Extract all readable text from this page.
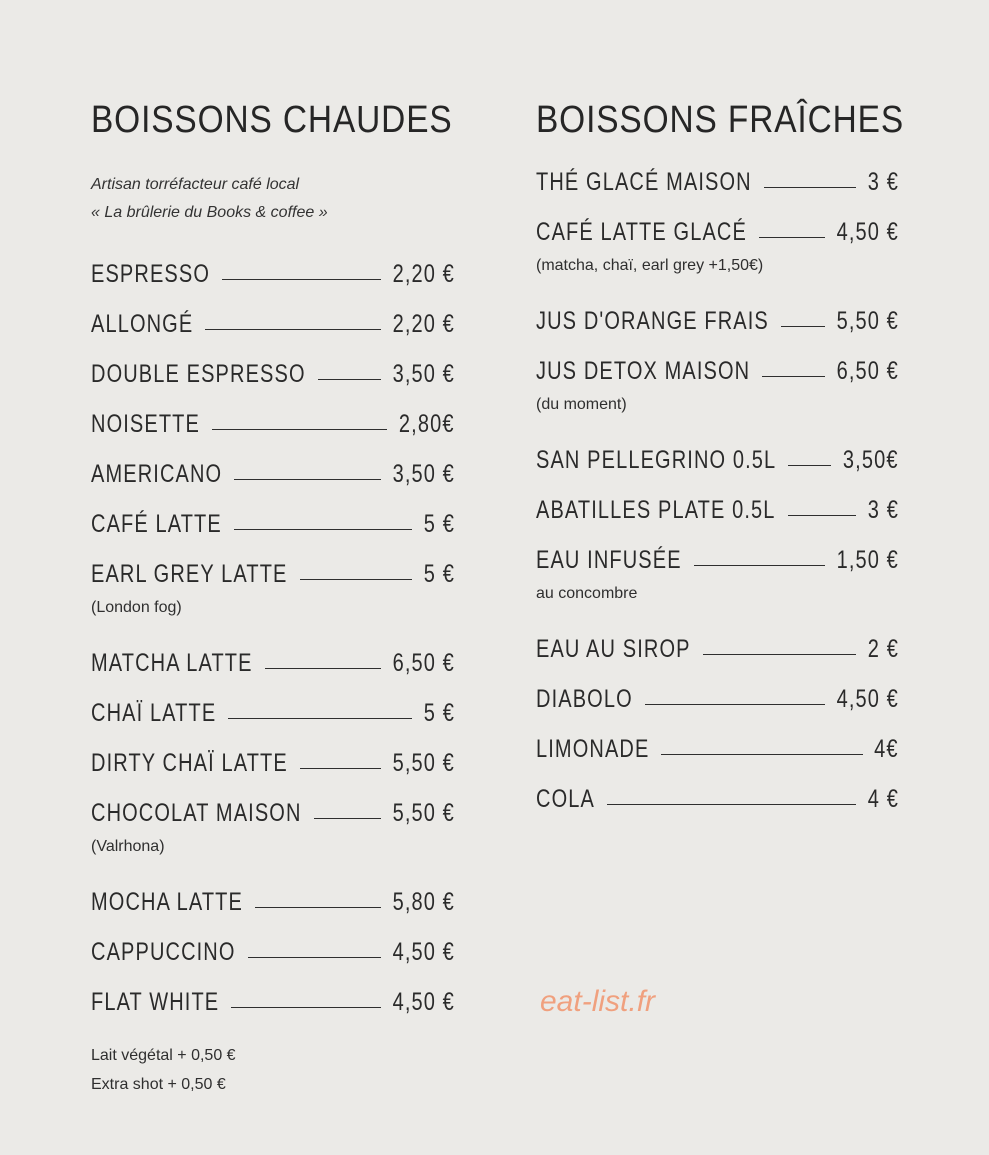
BOISSONS CHAUDES
Artisan torréfacteur café local
« La brûlerie du Books & coffee »
ESPRESSO	2,20 €
ALLONGÉ	2,20 €
DOUBLE ESPRESSO	3,50 €
NOISETTE	2,80€
AMERICANO	3,50 €
CAFÉ LATTE	5 €
EARL GREY LATTE	5 €
(London fog)
MATCHA LATTE	6,50 €
CHAÏ LATTE	5 €
DIRTY CHAÏ LATTE	5,50 €
CHOCOLAT MAISON	5,50 €
(Valrhona)
MOCHA LATTE	5,80 €
CAPPUCCINO	4,50 €
FLAT WHITE	4,50 €
Lait végétal + 0,50 €
Extra shot + 0,50 €
BOISSONS FRAÎCHES
THÉ GLACÉ MAISON	3 €
CAFÉ LATTE GLACÉ	4,50 €
(matcha, chaï, earl grey +1,50€)
JUS D'ORANGE FRAIS	5,50 €
JUS DETOX MAISON	6,50 €
(du moment)
SAN PELLEGRINO 0.5L	3,50€
ABATILLES PLATE 0.5L	3 €
EAU INFUSÉE	1,50 €
au concombre
EAU AU SIROP	2 €
DIABOLO	4,50 €
LIMONADE	4€
COLA	4 €
eat-list.fr
